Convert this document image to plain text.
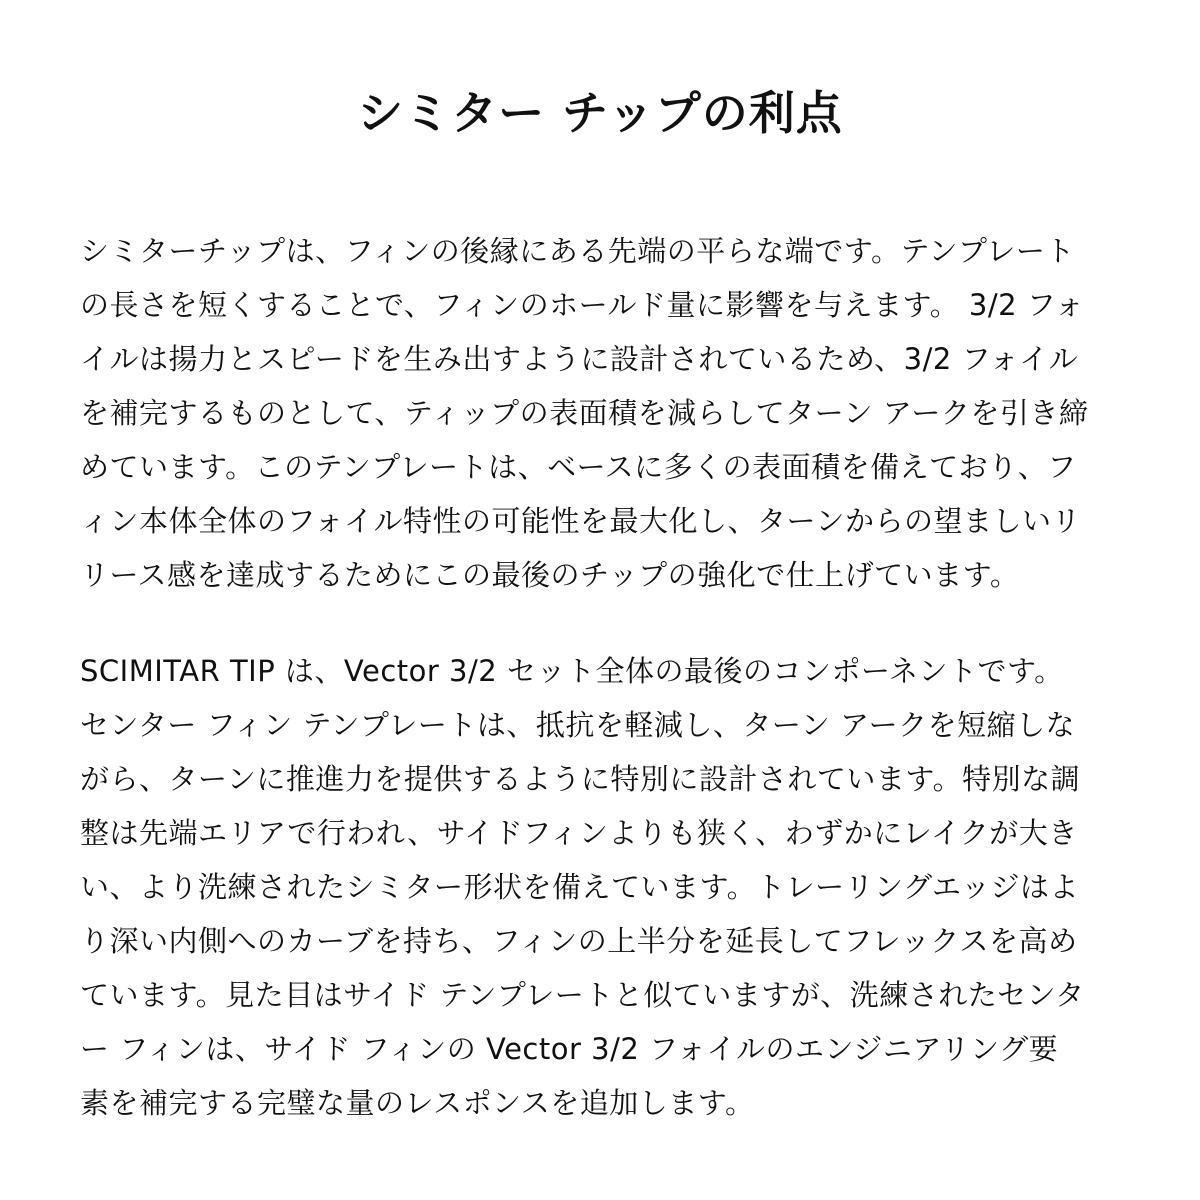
シミター チップの利点

シミターチップは、フィンの後縁にある先端の平らな端です。テンプレート
の長さを短くすることで、フィンのホールド量に影響を与えます。 3/2 フォ
イルは揚力とスピードを生み出すように設計されているため、3/2 フォイル
を補完するものとして、ティップの表面積を減らしてターン アークを引き締
めています。このテンプレートは、ベースに多くの表面積を備えており、フ
ィン本体全体のフォイル特性の可能性を最大化し、ターンからの望ましいリ
リース感を達成するためにこの最後のチップの強化で仕上げています。

SCIMITAR TIP は、Vector 3/2 セット全体の最後のコンポーネントです。
センター フィン テンプレートは、抵抗を軽減し、ターン アークを短縮しな
がら、ターンに推進力を提供するように特別に設計されています。特別な調
整は先端エリアで行われ、サイドフィンよりも狭く、わずかにレイクが大き
い、より洗練されたシミター形状を備えています。トレーリングエッジはよ
り深い内側へのカーブを持ち、フィンの上半分を延長してフレックスを高め
ています。見た目はサイド テンプレートと似ていますが、洗練されたセンタ
ー フィンは、サイド フィンの Vector 3/2 フォイルのエンジニアリング要
素を補完する完璧な量のレスポンスを追加します。
